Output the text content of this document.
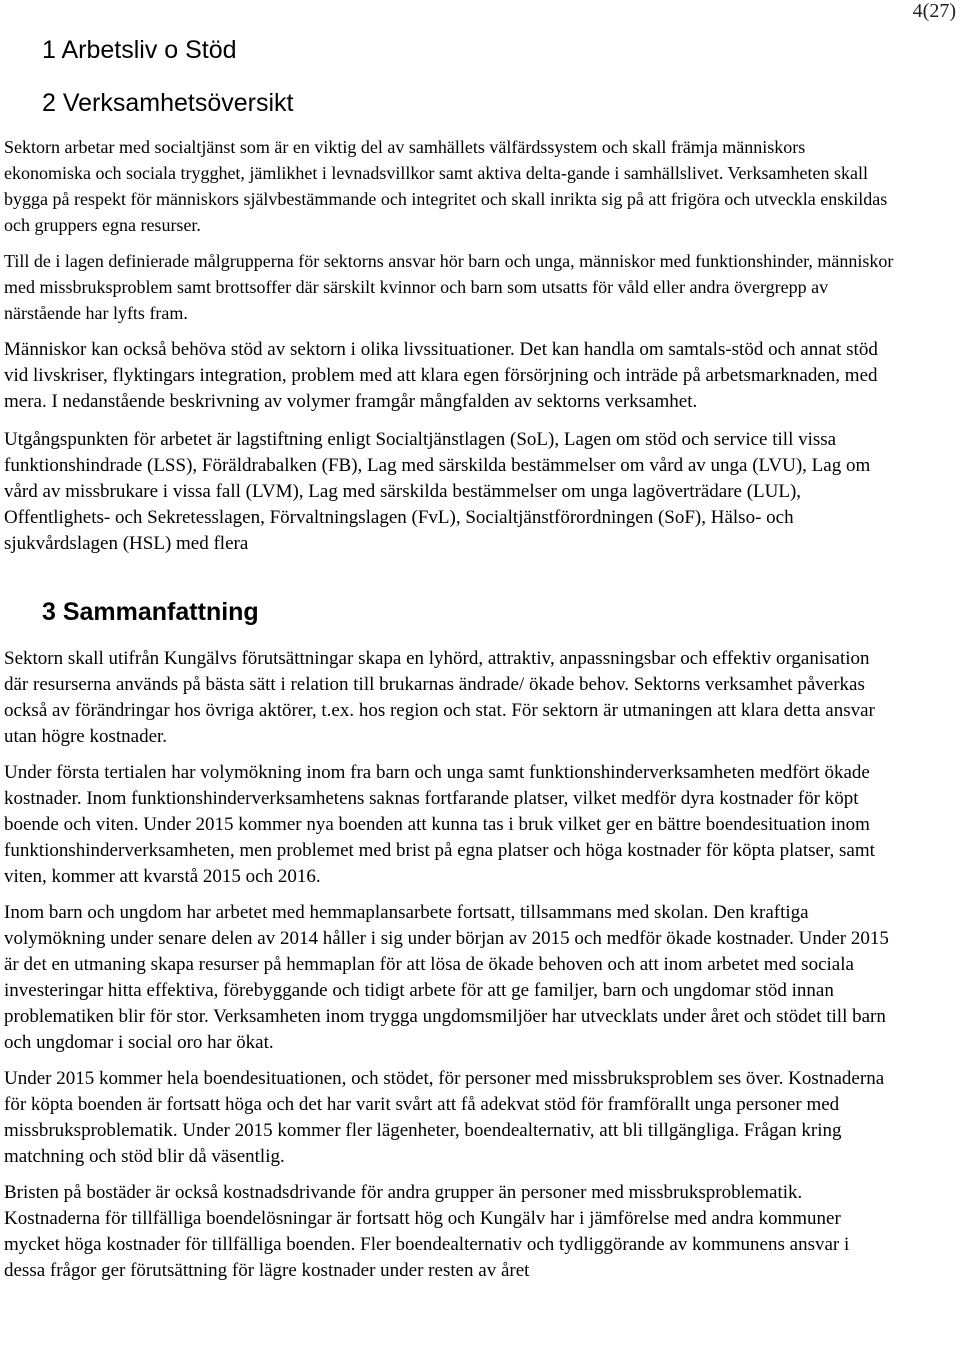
4(27)
1 Arbetsliv o Stöd
2 Verksamhetsöversikt

Sektorn arbetar med socialtjänst som är en viktig del av samhällets välfärdssystem och skall främja människors ekonomiska och sociala trygghet, jämlikhet i levnadsvillkor samt aktiva delta-gande i samhällslivet. Verksamheten skall bygga på respekt för människors självbestämmande och integritet och skall inrikta sig på att frigöra och utveckla enskildas och gruppers egna resurser.

Till de i lagen definierade målgrupperna för sektorns ansvar hör barn och unga, människor med funktionshinder, människor med missbruksproblem samt brottsoffer där särskilt kvinnor och barn som utsatts för våld eller andra övergrepp av närstående har lyfts fram.

Människor kan också behöva stöd av sektorn i olika livssituationer. Det kan handla om samtals-stöd och annat stöd vid livskriser, flyktingars integration, problem med att klara egen försörjning och inträde på arbetsmarknaden, med mera. I nedanstående beskrivning av volymer framgår mångfalden av sektorns verksamhet.

Utgångspunkten för arbetet är lagstiftning enligt Socialtjänstlagen (SoL), Lagen om stöd och service till vissa funktionshindrade (LSS), Föräldrabalken (FB), Lag med särskilda bestämmelser om vård av unga (LVU), Lag om vård av missbrukare i vissa fall (LVM), Lag med särskilda bestämmelser om unga lagöverträdare (LUL), Offentlighets- och Sekretesslagen, Förvaltningslagen (FvL), Socialtjänstförordningen (SoF), Hälso- och sjukvårdslagen (HSL) med flera

3 Sammanfattning

Sektorn skall utifrån Kungälvs förutsättningar skapa en lyhörd, attraktiv, anpassningsbar och effektiv organisation där resurserna används på bästa sätt i relation till brukarnas ändrade/ ökade behov. Sektorns verksamhet påverkas också av förändringar hos övriga aktörer, t.ex. hos region och stat. För sektorn är utmaningen att klara detta ansvar utan högre kostnader.

Under första tertialen har volymökning inom fra barn och unga samt funktionshinderverksamheten medfört ökade kostnader. Inom funktionshinderverksamhetens saknas fortfarande platser, vilket medför dyra kostnader för köpt boende och viten. Under 2015 kommer nya boenden att kunna tas i bruk vilket ger en bättre boendesituation inom funktionshinderverksamheten, men problemet med brist på egna platser och höga kostnader för köpta platser, samt viten, kommer att kvarstå 2015 och 2016.

Inom barn och ungdom har arbetet med hemmaplansarbete fortsatt, tillsammans med skolan. Den kraftiga volymökning under senare delen av 2014 håller i sig under början av 2015 och medför ökade kostnader. Under 2015 är det en utmaning skapa resurser på hemmaplan för att lösa de ökade behoven och att inom arbetet med sociala investeringar hitta effektiva, förebyggande och tidigt arbete för att ge familjer, barn och ungdomar stöd innan problematiken blir för stor. Verksamheten inom trygga ungdomsmiljöer har utvecklats under året och stödet till barn och ungdomar i social oro har ökat.

Under 2015 kommer hela boendesituationen, och stödet, för personer med missbruksproblem ses över. Kostnaderna för köpta boenden är fortsatt höga och det har varit svårt att få adekvat stöd för framförallt unga personer med missbruksproblematik. Under 2015 kommer fler lägenheter, boendealternativ, att bli tillgängliga. Frågan kring matchning och stöd blir då väsentlig.

Bristen på bostäder är också kostnadsdrivande för andra grupper än personer med missbruksproblematik. Kostnaderna för tillfälliga boendelösningar är fortsatt hög och Kungälv har i jämförelse med andra kommuner mycket höga kostnader för tillfälliga boenden. Fler boendealternativ och tydliggörande av kommunens ansvar i dessa frågor ger förutsättning för lägre kostnader under resten av året
